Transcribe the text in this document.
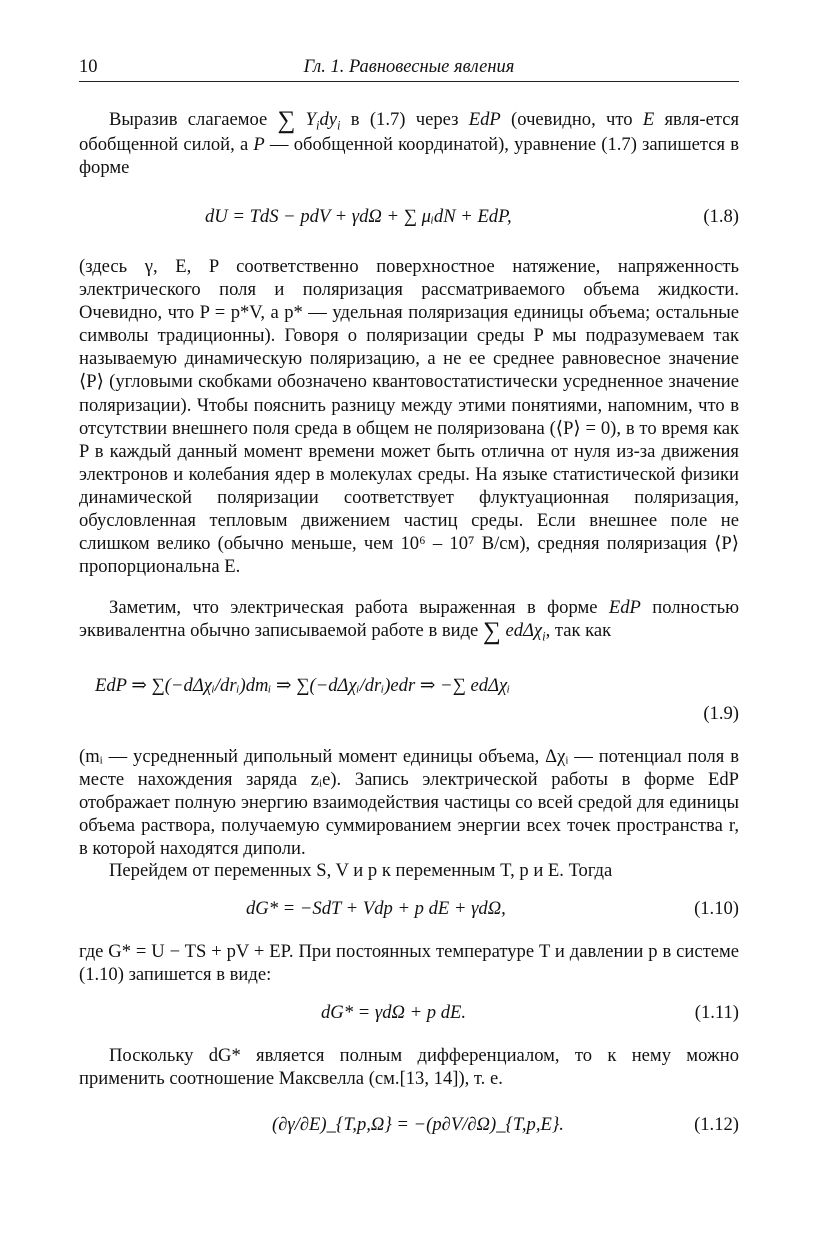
10	Гл. 1. Равновесные явления
Выразив слагаемое ∑ $Y_idy_i$ в (1.7) через EdP (очевидно, что E явля-ется обобщенной силой, а P — обобщенной координатой), уравнение (1.7) запишется в форме
dU = TdS − pdV + γdΩ + ∑ μᵢdN + EdP,	(1.8)
(здесь γ, E, P соответственно поверхностное натяжение, напряженность электрического поля и поляризация рассматриваемого объема жидкости. Очевидно, что P = p*V, а p* — удельная поляризация единицы объема; остальные символы традиционны). Говоря о поляризации среды P мы подразумеваем так называемую динамическую поляризацию, а не ее среднее равновесное значение ⟨P⟩ (угловыми скобками обозначено квантовостатистически усредненное значение поляризации). Чтобы пояснить разницу между этими понятиями, напомним, что в отсутствии внешнего поля среда в общем не поляризована (⟨P⟩ = 0), в то время как P в каждый данный момент времени может быть отлична от нуля из-за движения электронов и колебания ядер в молекулах среды. На языке статистической физики динамической поляризации соответствует флуктуационная поляризация, обусловленная тепловым движением частиц среды. Если внешнее поле не слишком велико (обычно меньше, чем 10⁶ – 10⁷ В/см), средняя поляризация ⟨P⟩ пропорциональна E.
Заметим, что электрическая работа выраженная в форме EdP полностью эквивалентна обычно записываемой работе в виде ∑ edΔχ$_i$, так как
EdP ⇒ ∑(−dΔχᵢ/drᵢ)dmᵢ ⇒ ∑(−dΔχᵢ/drᵢ)edr ⇒ −∑ edΔχᵢ
(1.9)
(mᵢ — усредненный дипольный момент единицы объема, Δχᵢ — потенциал поля в месте нахождения заряда zᵢe). Запись электрической работы в форме EdP отображает полную энергию взаимодействия частицы со всей средой для единицы объема раствора, получаемую суммированием энергии всех точек пространства r, в которой находятся диполи.
Перейдем от переменных S, V и p к переменным T, p и E. Тогда
dG* = −SdT + Vdp + p dE + γdΩ,	(1.10)
где G* = U − TS + pV + EP. При постоянных температуре T и давлении p в системе (1.10) запишется в виде:
dG* = γdΩ + p dE.	(1.11)
Поскольку dG* является полным дифференциалом, то к нему можно применить соотношение Максвелла (см.[13, 14]), т. е.
(∂γ/∂E)_{T,p,Ω} = −(p∂V/∂Ω)_{T,p,E}.	(1.12)
